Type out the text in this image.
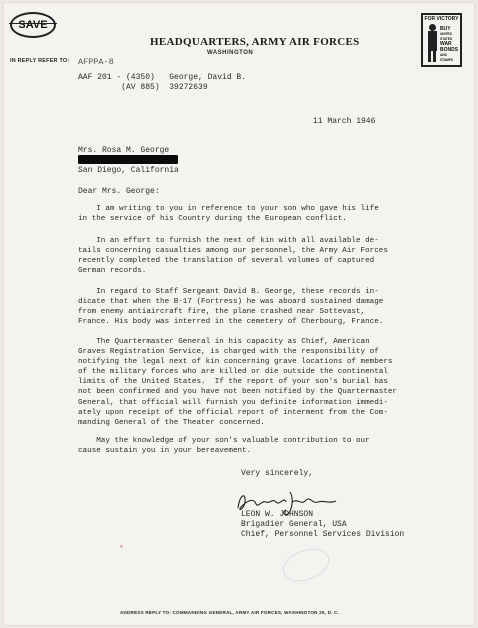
SAVE
IN REPLY REFER TO:
HEADQUARTERS, ARMY AIR FORCES
WASHINGTON
FOR VICTORY
BUY
UNITED
STATES
WAR
BONDS
AND
STAMPS
AFPPA-8
AAF 201 - (4350)   George, David B.
(AV 885)  39272639
11 March 1946
Mrs. Rosa M. George
San Diego, California
Dear Mrs. George:
I am writing to you in reference to your son who gave his life
in the service of his Country during the European conflict.
In an effort to furnish the next of kin with all available de-
tails concerning casualties among our personnel, the Army Air Forces
recently completed the translation of several volumes of captured
German records.
In regard to Staff Sergeant David B. George, these records in-
dicate that when the B-17 (Fortress) he was aboard sustained damage
from enemy antiaircraft fire, the plane crashed near Sottevast,
France. His body was interred in the cemetery of Cherbourg, France.
The Quartermaster General in his capacity as Chief, American
Graves Registration Service, is charged with the responsibility of
notifying the legal next of kin concerning grave locations of members
of the military forces who are killed or die outside the continental
limits of the United States.  If the report of your son's burial has
not been confirmed and you have not been notified by the Quartermaster
General, that official will furnish you definite information immedi-
ately upon receipt of the official report of interment from the Com-
manding General of the Theater concerned.
May the knowledge of your son's valuable contribution to our
cause sustain you in your bereavement.
Very sincerely,
LEON W. JOHNSON
Brigadier General, USA
Chief, Personnel Services Division
ADDRESS REPLY TO: COMMANDING GENERAL, ARMY AIR FORCES, WASHINGTON 25, D. C.
